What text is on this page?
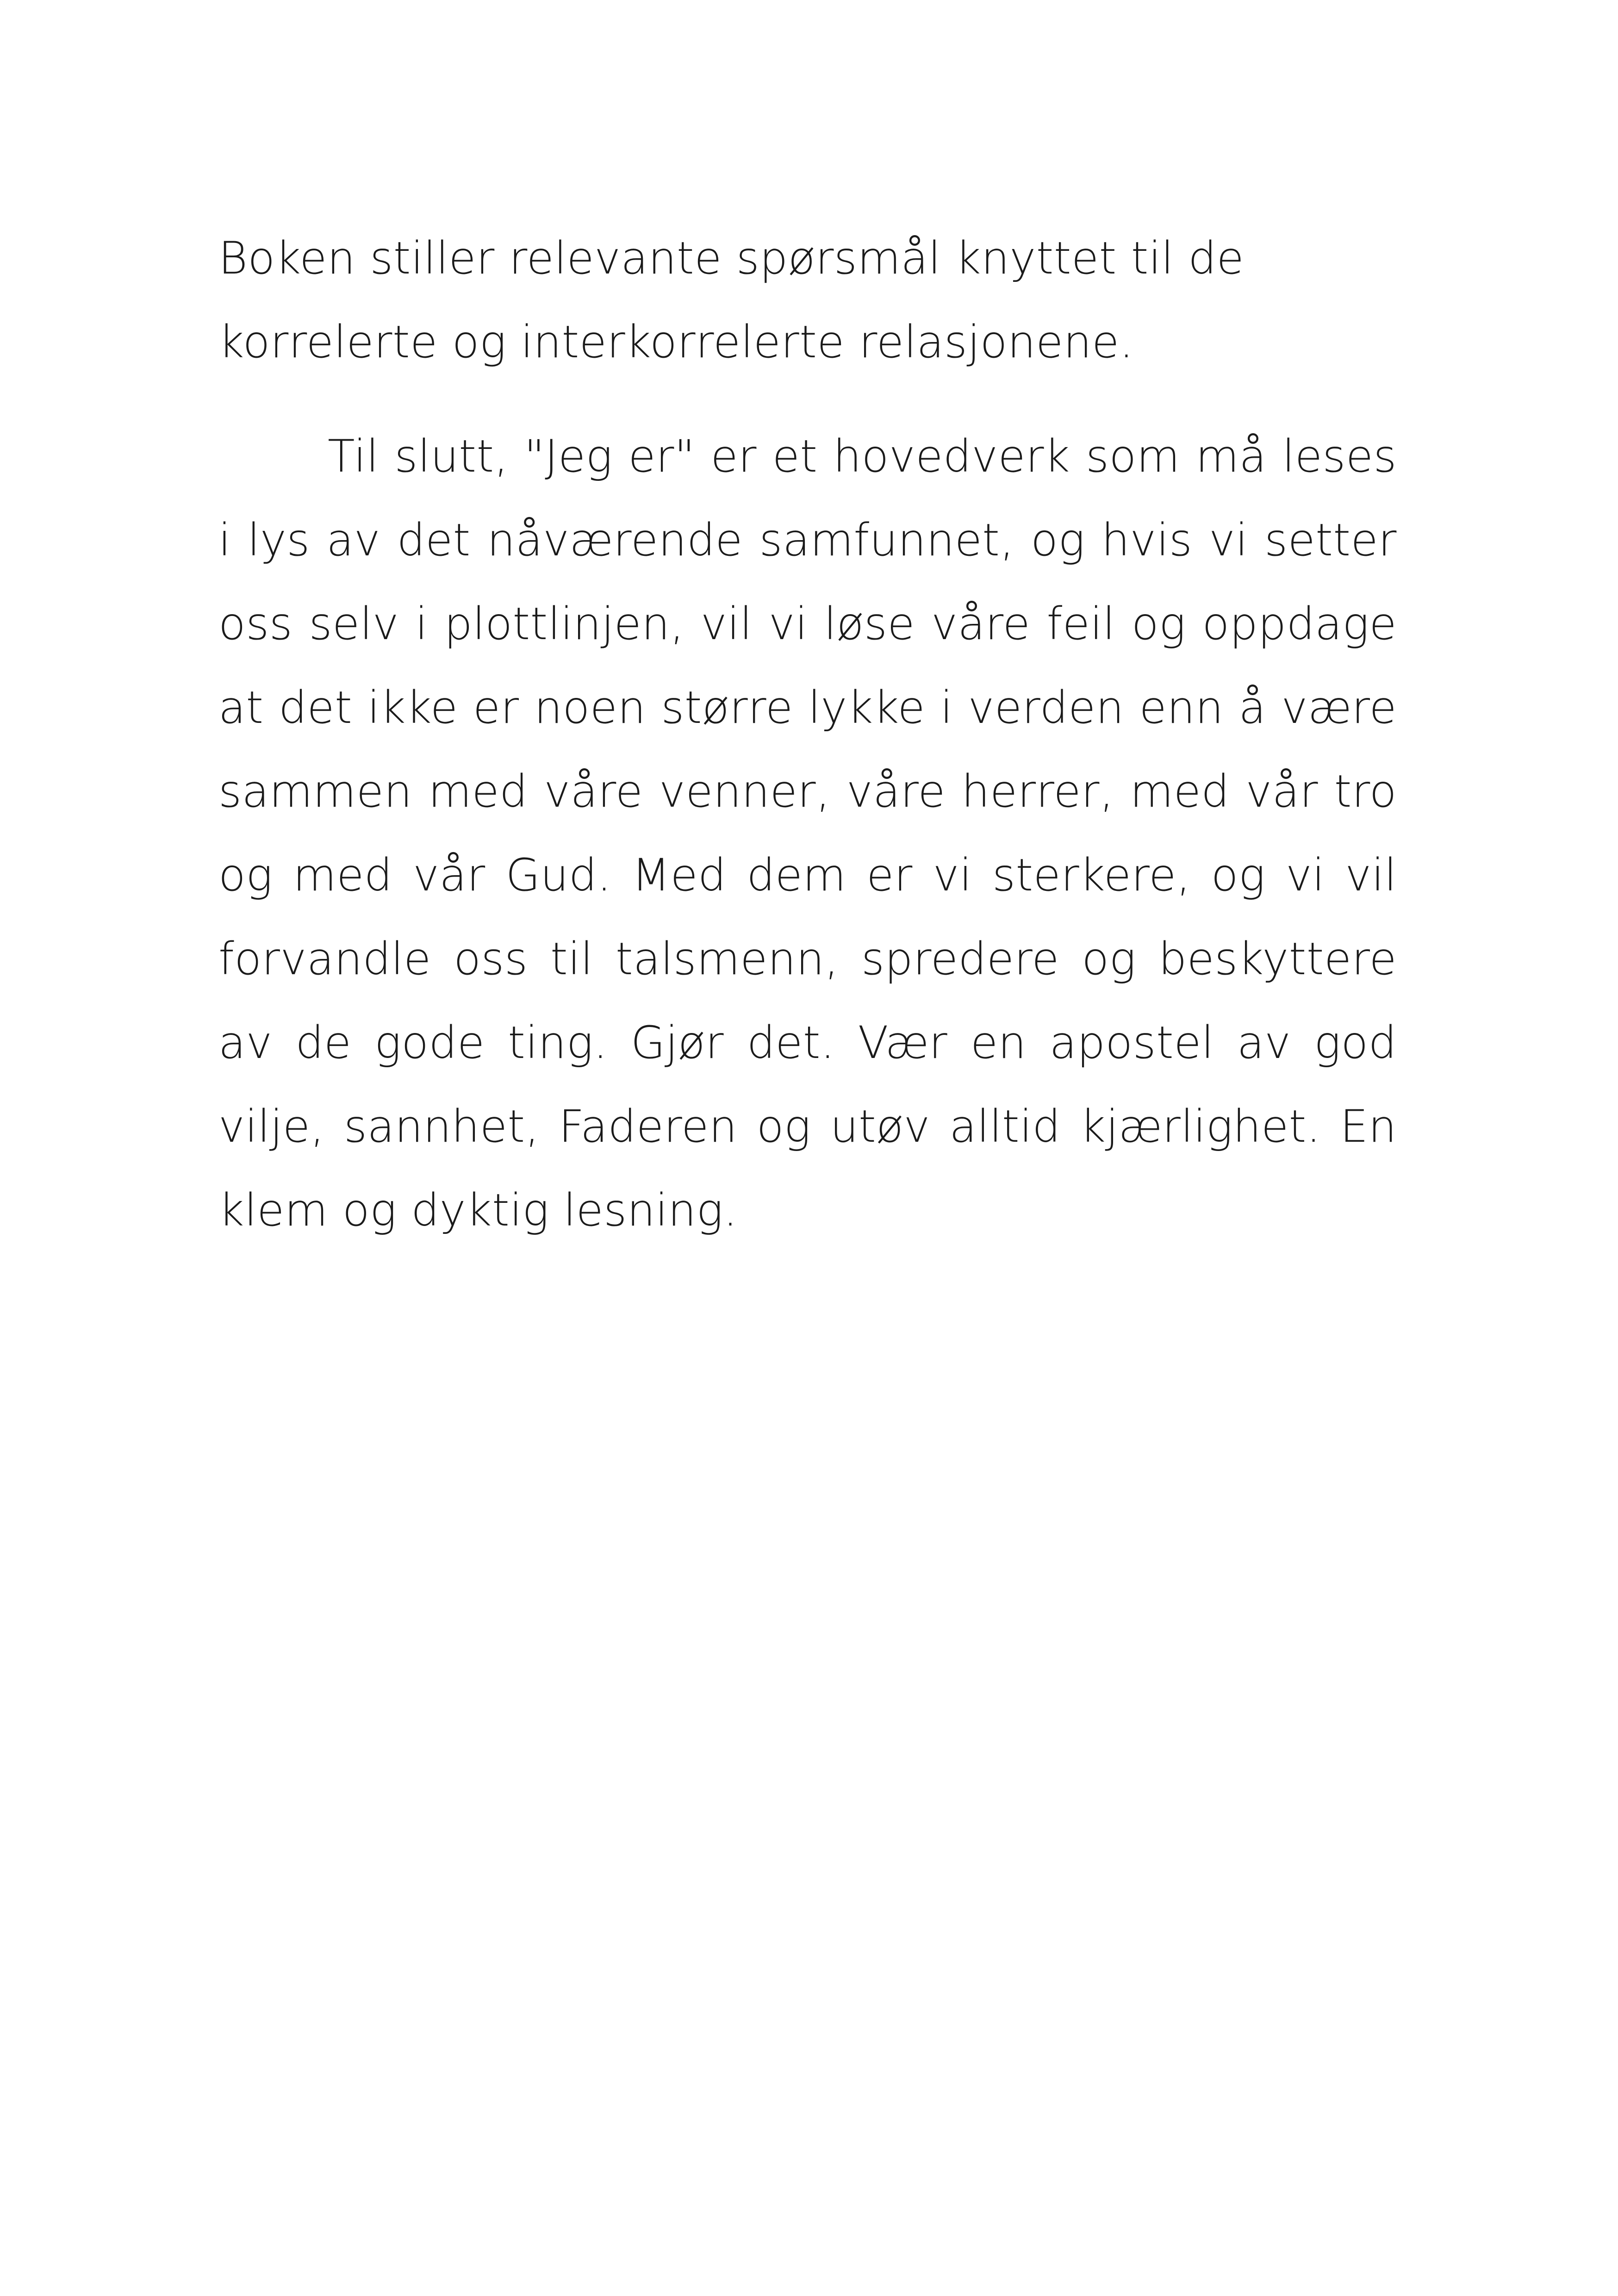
Boken stiller relevante spørsmål knyttet til de korrelerte og interkorrelerte relasjonene.

Til slutt, "Jeg er" er et hovedverk som må leses i lys av det nåværende samfunnet, og hvis vi setter oss selv i plottlinjen, vil vi løse våre feil og oppdage at det ikke er noen større lykke i verden enn å være sammen med våre venner, våre herrer, med vår tro og med vår Gud. Med dem er vi sterkere, og vi vil forvandle oss til talsmenn, spredere og beskyttere av de gode ting. Gjør det. Vær en apostel av god vilje, sannhet, Faderen og utøv alltid kjærlighet. En klem og dyktig lesning.
